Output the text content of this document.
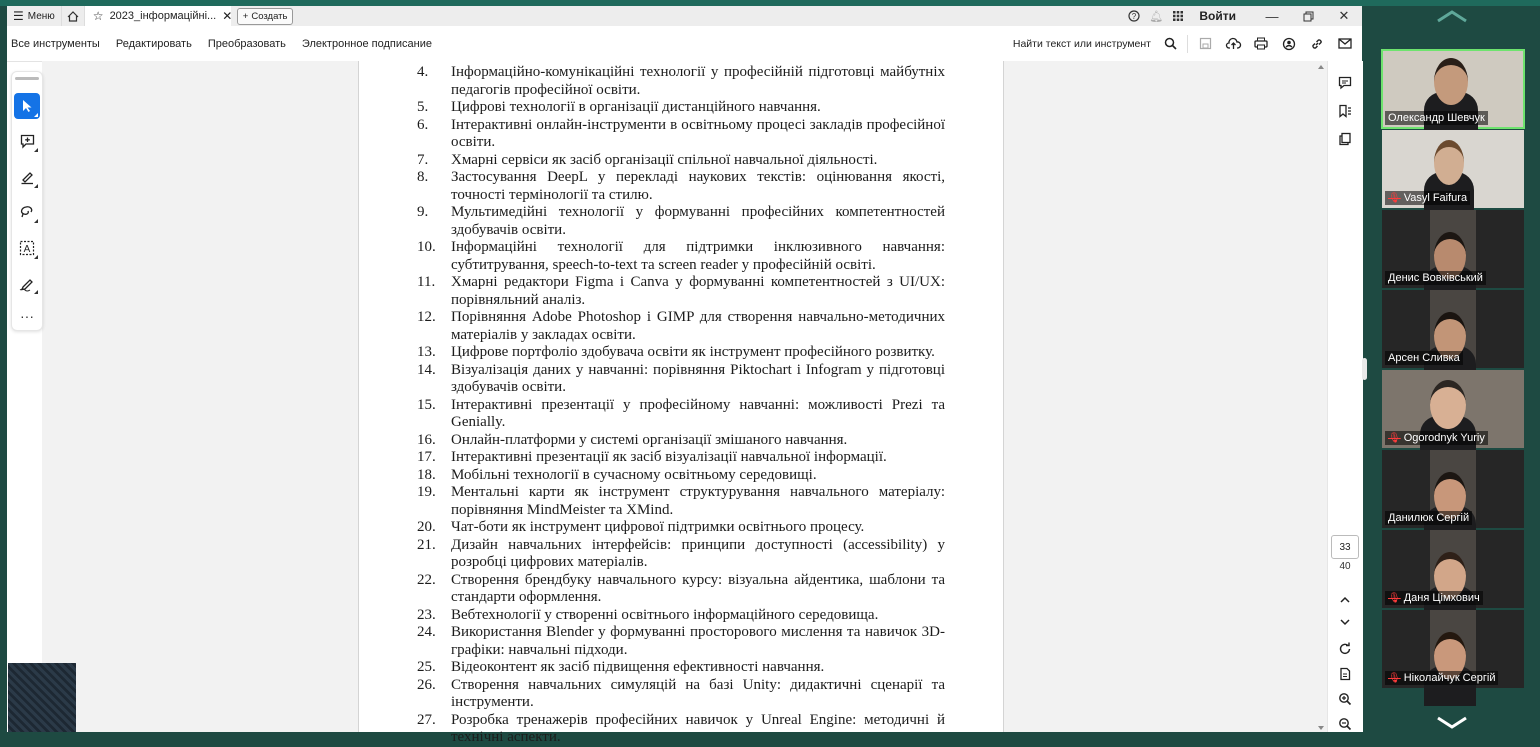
☰ Меню	☆ 2023_інформаційні... ✕ + Создать	?	🔔︎	Войти	—	✕
Все инструменты	Редактировать	Преобразовать	Электронное подписание	Найти текст или инструмент

4.	Інформаційно-комунікаційні технології у професійній підготовці майбутніх педагогів професійної освіти.
5.	Цифрові технології в організації дистанційного навчання.
6.	Інтерактивні онлайн-інструменти в освітньому процесі закладів професійної освіти.
7.	Хмарні сервіси як засіб організації спільної навчальної діяльності.
8.	Застосування DeepL у перекладі наукових текстів: оцінювання якості, точності термінології та стилю.
9.	Мультимедійні технології у формуванні професійних компетентностей здобувачів освіти.
10.	Інформаційні технології для підтримки інклюзивного навчання: субтитрування, speech-to-text та screen reader у професійній освіті.
11.	Хмарні редактори Figma і Canva у формуванні компетентностей з UI/UX: порівняльний аналіз.
12.	Порівняння Adobe Photoshop і GIMP для створення навчально-методичних матеріалів у закладах освіти.
13.	Цифрове портфоліо здобувача освіти як інструмент професійного розвитку.
14.	Візуалізація даних у навчанні: порівняння Piktochart і Infogram у підготовці здобувачів освіти.
15.	Інтерактивні презентації у професійному навчанні: можливості Prezi та Genially.
16.	Онлайн-платформи у системі організації змішаного навчання.
17.	Інтерактивні презентації як засіб візуалізації навчальної інформації.
18.	Мобільні технології в сучасному освітньому середовищі.
19.	Ментальні карти як інструмент структурування навчального матеріалу: порівняння MindMeister та XMind.
20.	Чат-боти як інструмент цифрової підтримки освітнього процесу.
21.	Дизайн навчальних інтерфейсів: принципи доступності (accessibility) у розробці цифрових матеріалів.
22.	Створення брендбуку навчального курсу: візуальна айдентика, шаблони та стандарти оформлення.
23.	Вебтехнології у створенні освітнього інформаційного середовища.
24.	Використання Blender у формуванні просторового мислення та навичок 3D-графіки: навчальні підходи.
25.	Відеоконтент як засіб підвищення ефективності навчання.
26.	Створення навчальних симуляцій на базі Unity: дидактичні сценарії та інструменти.
27.	Розробка тренажерів професійних навичок у Unreal Engine: методичні й технічні аспекти.
A
···
33
40
Олександр Шевчук
🎙︎ Vasyl Faifura
Денис Вовківський
Арсен Сливка
🎙︎ Ogorodnyk Yuriy
Данилюк Сергій
🎙︎ Даня Цімхович
🎙︎ Ніколайчук Сергій
